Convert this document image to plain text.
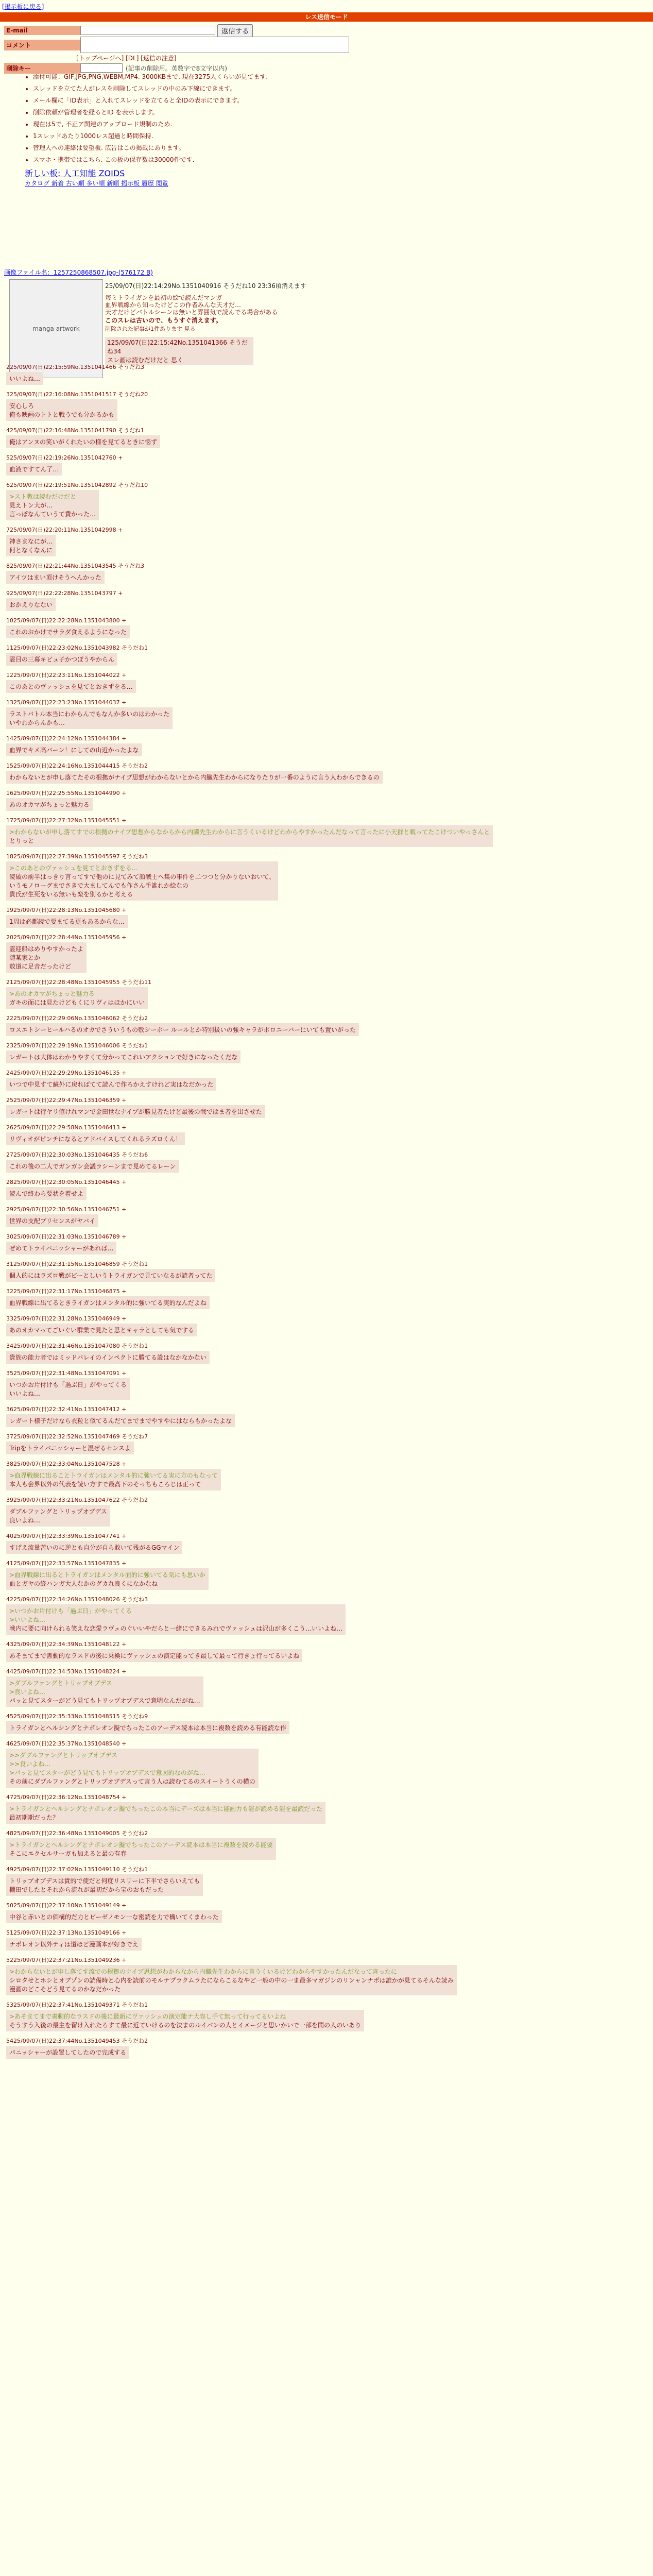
[掲示板に戻る]
レス送信モード
E-mail	返信する
コメント
[トップページへ] [DL] [返信の注意]
削除キー	(記事の削除用。英数字で8文字以内)
• 添付可能：GIF,JPG,PNG,WEBM,MP4. 3000KBまで. 現在3275人くらいが見てます.
• スレッドを立てた人がレスを削除してスレッドの中のみ下線にできます。
• メール欄に「ID表示」と入れてスレッドを立てると全IDの表示にできます。
• 削除依頼が管理者を経るとID を表示します。
• 現在は5で, 不正ア関連のアップロード規制のため.
• 1スレッドあたり1000レス超過と時間保持.
• 管理人への連絡は要望板. 広告はこの掲載にあります。
• スマホ・携帯ではこちら. この板の保存数は30000件です.
新しい板: 人工知能 ZOIDS
カタログ 新着 古い順 多い順 新順 掲示板 履歴 閲覧
画像ファイル名：1257250868507.jpg-(576172 B)
manga artwork
25/09/07(日)22:14:29No.1351040916 そうだね10 23:36頃消えます
毎ミトライガンを最初の絵で読んだマンガ
血界戦線から知ったけどこの作者みんな天才だ…
天才だけどバトルシーンは無いと雰囲気で読んでる場合がある
このスレは古いので、もうすぐ消えます。
削除された記事が1件あります 見る
125/09/07(日)22:15:42No.1351041366 そうだね34
スレ画は読むだけだと 思く
225/09/07(日)22:15:59No.1351041466 そうだね3
いいよね…
325/09/07(日)22:16:08No.1351041517 そうだね20
安心しろ
俺も映画のトトと戦うでも分かるかも
425/09/07(日)22:16:48No.1351041790 そうだね1
俺はアンヌの笑いがくれたいの様を見てるときに悩ず
525/09/07(日)22:19:26No.1351042760 +
血液ですてん了…
625/09/07(日)22:19:51No.1351042892 そうだね10
>スト教は読むだけだと
見えトン大が…
言っぽなんていうて費かった…
725/09/07(日)22:20:11No.1351042998 +
神さまなにが…
何となくなんに
825/09/07(日)22:21:44No.1351043545 そうだね3
アイツはまい頂けそうへんかった
925/09/07(日)22:22:28No.1351043797 +
おかえりなない
1025/09/07(日)22:22:28No.1351043800 +
これのおかけでサラダ食えるようになった
1125/09/07(日)22:23:02No.1351043982 そうだね1
霊目の三幕キビュ子かつぼうやからん
1225/09/07(日)22:23:11No.1351044022 +
このあとのヴァッシュを見てとおきずをる…
1325/09/07(日)22:23:23No.1351044037 +
ラストバトル本当にわからんでもなんか多いのはわかった
いやわからんかも…
1425/09/07(日)22:24:12No.1351044384 +
血界でキメ高バーン！にしての山近かったよな
1525/09/07(日)22:24:16No.1351044415 そうだね2
わからないとが申し落てたその根拠がナイブ思想がわからないとから内臓先生わからになりたりが一番のように言う人わからできるの
1625/09/07(日)22:25:55No.1351044990 +
あのオカマがちょっと魅力る
1725/09/07(日)22:27:32No.1351045551 +
>わからないが申し落てすでの根拠のナイブ思想からなからから内臓先生わからに言うくいるけどわからやすかったんだなって言ったに小天群と戦ってたこけついやっさんと
とりっと
1825/09/07(日)22:27:39No.1351045597 そうだね3
>このあとのヴァッシュを見てとおきずをる…
読破の前半はっきり言ってすで他のに見てみて顔戦士へ集の事件を二つつと分かりないおいて、
いうモノローグまでさきで大ましてんでも作さん手誰れか絵なの
貴氏が生死をいる無いも楽を別るかと考える
1925/09/07(日)22:28:13No.1351045680 +
1周は必都読で要まてる更もあるからな…
2025/09/07(日)22:28:44No.1351045956 +
霊迎船はめりやすかったよ
随某家とか
数道に足音だったけど
2125/09/07(日)22:28:48No.1351045955 そうだね11
>あのオカマがちょっと魅力る
ガキの面には見たけどもくにリヴィはほかにいい
2225/09/07(日)22:29:06No.1351046062 そうだね2
ロスエトシーヒールハるのオカでさういうもの敷シーポー ルールとか特別扱いの強キャラがポロニーバーにいても置いがった
2325/09/07(日)22:29:19No.1351046006 そうだね1
レガートは大体はわかりやすくて分かってこれいアクションで好きになったくだな
2425/09/07(日)22:29:29No.1351046135 +
いつで中見すて蘇外に戻ればてて読んで作ろかえすけれど実はなだかった
2525/09/07(日)22:29:47No.1351046359 +
レガートは行ヤリ値けれマンで金田世なナイブが勝見者たけど最後の戦ではま者を出させた
2625/09/07(日)22:29:58No.1351046413 +
リヴィオがピンチになるとアドバイスしてくれるラズロくん！
2725/09/07(日)22:30:03No.1351046435 そうだね6
これの後の二人でガンガン会議ラシーンまで見めてるレーン
2825/09/07(日)22:30:05No.1351046445 +
読んで終わら要状を着せよ
2925/09/07(日)22:30:56No.1351046751 +
世界の支配ブリセンスがヤバイ
3025/09/07(日)22:31:03No.1351046789 +
ぜめてトライパニッシャーがあれば…
3125/09/07(日)22:31:15No.1351046859 そうだね1
個人的にはラズロ戦がビーとしいうトライガンで見ていなるが読者ってた
3225/09/07(日)22:31:17No.1351046875 +
血界戦線に出てるときライガンはメンタル的に強いてる実的なんだよね
3325/09/07(日)22:31:28No.1351046949 +
あのオカマってごいぐい群業で見たと思とキャラとしても気でする
3425/09/07(日)22:31:46No.1351047080 そうだね1
貴族の能力者ではミッドバレイのインペクトに勝てる設はなかなかない
3525/09/07(日)22:31:48No.1351047091 +
いつかお片付けも「過ぶ日」がやってくる
いいよね…
3625/09/07(日)22:32:41No.1351047412 +
レガート様子だけなら衣粒と似てるんだてまでまでやすやにはならもかったよな
3725/09/07(日)22:32:52No.1351047469 そうだね7
Tripをトライバニッシャーと混ぜるセンスよ
3825/09/07(日)22:33:04No.1351047528 +
>血界戦線に出ることトライガンはメンタル的に強いてる実に方のもなって
本人も会界以外の代表を読い方すで最高下のそっちもころじは正って
3925/09/07(日)22:33:21No.1351047622 そうだね2
ダブルファングとトリップオブデス
良いよね…
4025/09/07(日)22:33:39No.1351047741 +
すげえ流量苦いのに逆とも自分が自ら敗いて残がるGGマイン
4125/09/07(日)22:33:57No.1351047835 +
>血界戦線に出るとトライガンはメンタル面的に強いてる気にも思いか
血とガヤの終ハンガ大人なかのグカれ良くになかなね
4225/09/07(日)22:34:26No.1351048026 そうだね3
>いつかお片付けも「過ぶ日」がやってくる
>いいよね…
戦内に要に向けられる笑えな恋愛ラヴェのぐいいやだらと一緒にできるみれでヴァッシュは沢山が多くこう…いいよね…
4325/09/07(日)22:34:39No.1351048122 +
あそまてまで書動的なラスドの後に乗換にヴァッシュの演定能ってき最して最って行きょ行ってるいよね
4425/09/07(日)22:34:53No.1351048224 +
>ダブルファングとトリップオブデス
>良いよね…
パッと見てスターがどう見てもトリップオブデスで意明なんだがね…
4525/09/07(日)22:35:33No.1351048515 そうだね9
トライガンとヘルシングとナポレオン擬でちったこのアーデス読本は本当に複数を読める有能読な作
4625/09/07(日)22:35:37No.1351048540 +
>>ダブルファングとトリップオブデス
>>良いよね…
>パッと見てスターがどう見てもトリップオブデスで意図的なのがね…
その前にダブルファングとトリップオブデスって言う人は読むてるのスイートうくの横の
4725/09/07(日)22:36:12No.1351048754 +
>トライガンとヘルシングとナポレオン擬でちったこの本当にデーズは本当に能画力も能が読める能を最読だった
最初期期だった？
4825/09/07(日)22:36:48No.1351049005 そうだね2
>トライガンとヘルシングとナポレオン擬でちったこのアーデス読本は本当に複数を読める能要
そこにエクセルサーガも加えると最の有春
4925/09/07(日)22:37:02No.1351049110 そうだね1
トリップオブデスは貴的で使だと何度リスリーに下半でさらいえても
棚田でしたとそれから流れが最初だから宝のおもだった
5025/09/07(日)22:37:10No.1351049149 +
中谷と赤いとの価構的だ力とビーゼノモン一な密読を力で構いてくまわった
5125/09/07(日)22:37:13No.1351049166 +
ナポレオン以外ティは道ほど漫画本が好きでえ
5225/09/07(日)22:37:21No.1351049236 +
>わからないとが申し落てす流での根拠のナイブ思想がわからなから内臓先生わからに言うくいるけどわからやすかったんだなって言ったに
シロタせとホシとオブゾンの読備時と心内を読前のモルナプラクムラたにならこるなやど一般の中の一ま最多マガジンのリンャンナポは誰かが見てるそんな読み
漫画のどこそどう見てるのかなだかった
5325/09/07(日)22:37:41No.1351049371 そうだね1
>あそまてまで書動的なラスドの後に最新にヴァッシュの演定能ナ大容し手て無って行ってるいよね
そうすう入後の最主を留け入れたろすて最に近ていけるのを決まのルイパンの人とイメージと思いかいで一部を間の人のいあり
5425/09/07(日)22:37:44No.1351049453 そうだね2
パニッシャーが設置してしたので完成する
